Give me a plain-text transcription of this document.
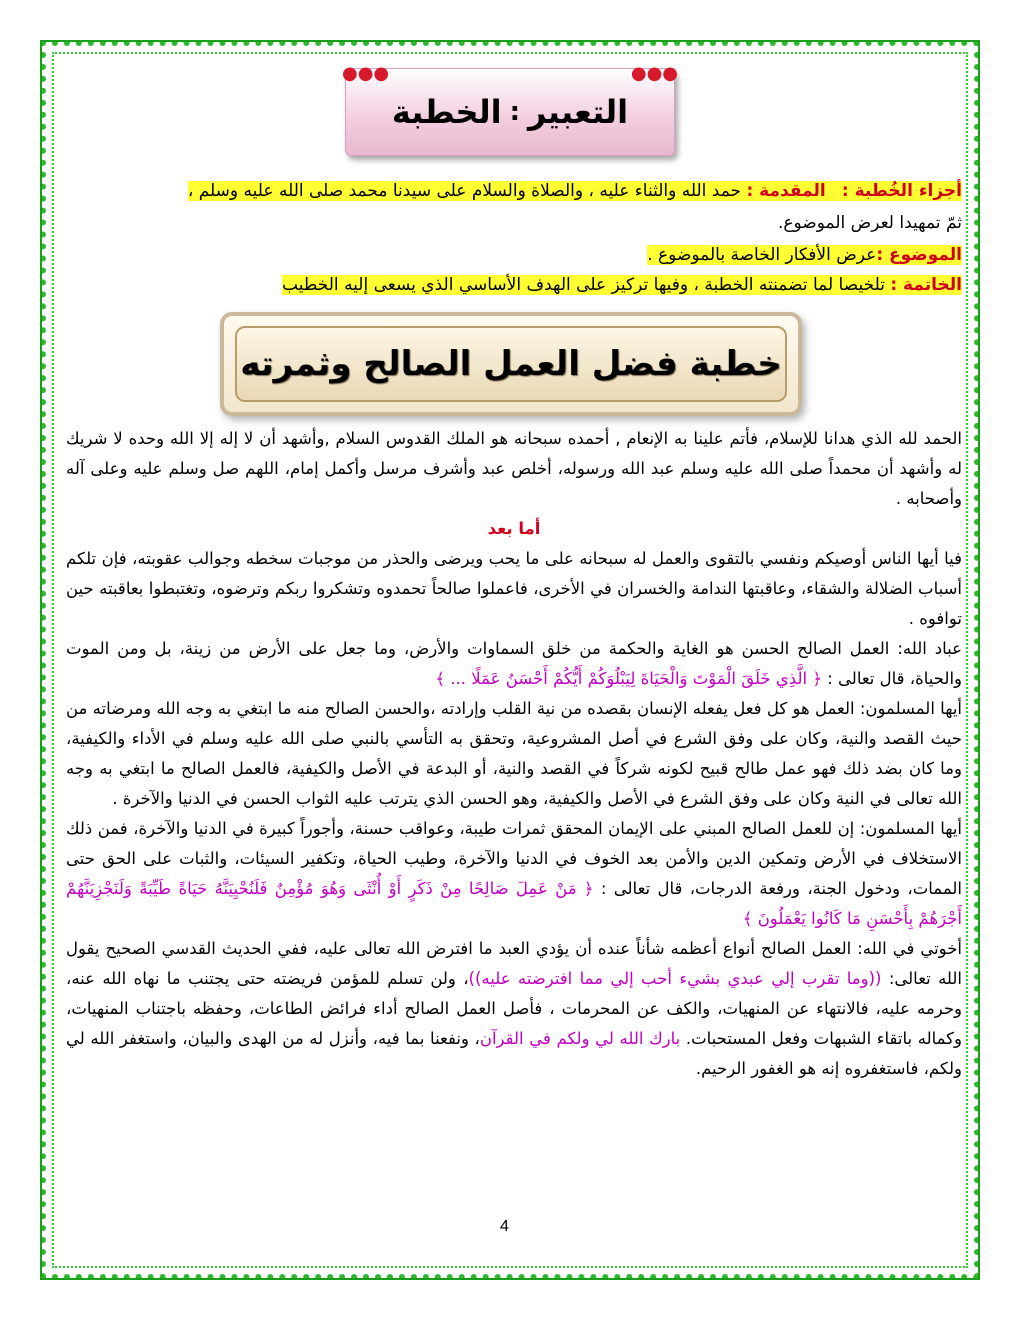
●●●
●●●
التعبير
:
الخطبة
أجزاء الخُطبة :   المقدمة : حمد الله والثناء عليه ، والصلاة والسلام على سيدنا محمد صلى الله عليه وسلم ،
ثمّ تمهيدا لعرض الموضوع.
الموضوع :عرض الأفكار الخاصة بالموضوع .
الخاتمة : تلخيصا لما تضمنته الخطبة ، وفيها تركيز على الهدف الأساسي الذي يسعى إليه الخطيب
خطبة فضل العمل الصالح وثمرته

الحمد لله الذي هدانا للإسلام، فأتم علينا به الإنعام , أحمده سبحانه هو الملك القدوس السلام ,وأشهد أن لا إله إلا الله وحده لا شريك له وأشهد أن محمداً صلى الله عليه وسلم عبد الله ورسوله، أخلص عبد وأشرف مرسل وأكمل إمام، اللهم صل وسلم عليه وعلى آله وأصحابه .

أما بعد

فيا أيها الناس أوصيكم ونفسي بالتقوى والعمل له سبحانه على ما يحب ويرضى والحذر من موجبات سخطه وجوالب عقوبته، فإن تلكم أسباب الضلالة والشقاء، وعاقبتها الندامة والخسران في الأخرى، فاعملوا صالحاً تحمدوه وتشكروا ربكم وترضوه، وتغتبطوا بعاقبته حين توافوه .

عباد الله: العمل الصالح الحسن هو الغاية والحكمة من خلق السماوات والأرض، وما جعل على الأرض من زينة، بل ومن الموت والحياة، قال تعالى : ﴿ الَّذِي خَلَقَ الْمَوْتَ وَالْحَيَاةَ لِيَبْلُوَكُمْ أَيُّكُمْ أَحْسَنُ عَمَلًا ... ﴾

أيها المسلمون: العمل هو كل فعل يفعله الإنسان بقصده من نية القلب وإرادته ،والحسن الصالح منه ما ابتغي به وجه الله ومرضاته من حيث القصد والنية، وكان على وفق الشرع في أصل المشروعية، وتحقق به التأسي بالنبي صلى الله عليه وسلم في الأداء والكيفية، وما كان بضد ذلك فهو عمل طالح قبيح لكونه شركاً في القصد والنية، أو البدعة في الأصل والكيفية، فالعمل الصالح ما ابتغي به وجه الله تعالى في النية وكان على وفق الشرع في الأصل والكيفية، وهو الحسن الذي يترتب عليه الثواب الحسن في الدنيا والآخرة .

أيها المسلمون: إن للعمل الصالح المبني على الإيمان المحقق ثمرات طيبة، وعواقب حسنة، وأجوراً كبيرة في الدنيا والآخرة، فمن ذلك الاستخلاف في الأرض وتمكين الدين والأمن بعد الخوف في الدنيا والآخرة، وطيب الحياة، وتكفير السيئات، والثبات على الحق حتى الممات، ودخول الجنة، ورفعة الدرجات، قال تعالى : ﴿ مَنْ عَمِلَ صَالِحًا مِنْ ذَكَرٍ أَوْ أُنْثَى وَهُوَ مُؤْمِنٌ فَلَنُحْيِيَنَّهُ حَيَاةً طَيِّبَةً وَلَنَجْزِيَنَّهُمْ أَجْرَهُمْ بِأَحْسَنِ مَا كَانُوا يَعْمَلُونَ ﴾

أخوتي في الله: العمل الصالح أنواع أعظمه شأناً عنده أن يؤدي العبد ما افترض الله تعالى عليه، ففي الحديث القدسي الصحيح يقول الله تعالى: ((وما تقرب إلي عبدي بشيء أحب إلي مما افترضته عليه))، ولن تسلم للمؤمن فريضته حتى يجتنب ما نهاه الله عنه، وحرمه عليه، فالانتهاء عن المنهيات، والكف عن المحرمات ، فأصل العمل الصالح أداء فرائض الطاعات، وحفظه باجتناب المنهيات، وكماله باتقاء الشبهات وفعل المستحبات. بارك الله لي ولكم في القرآن، ونفعنا بما فيه، وأنزل له من الهدى والبيان، واستغفر الله لي ولكم، فاستغفروه إنه هو الغفور الرحيم.

4
